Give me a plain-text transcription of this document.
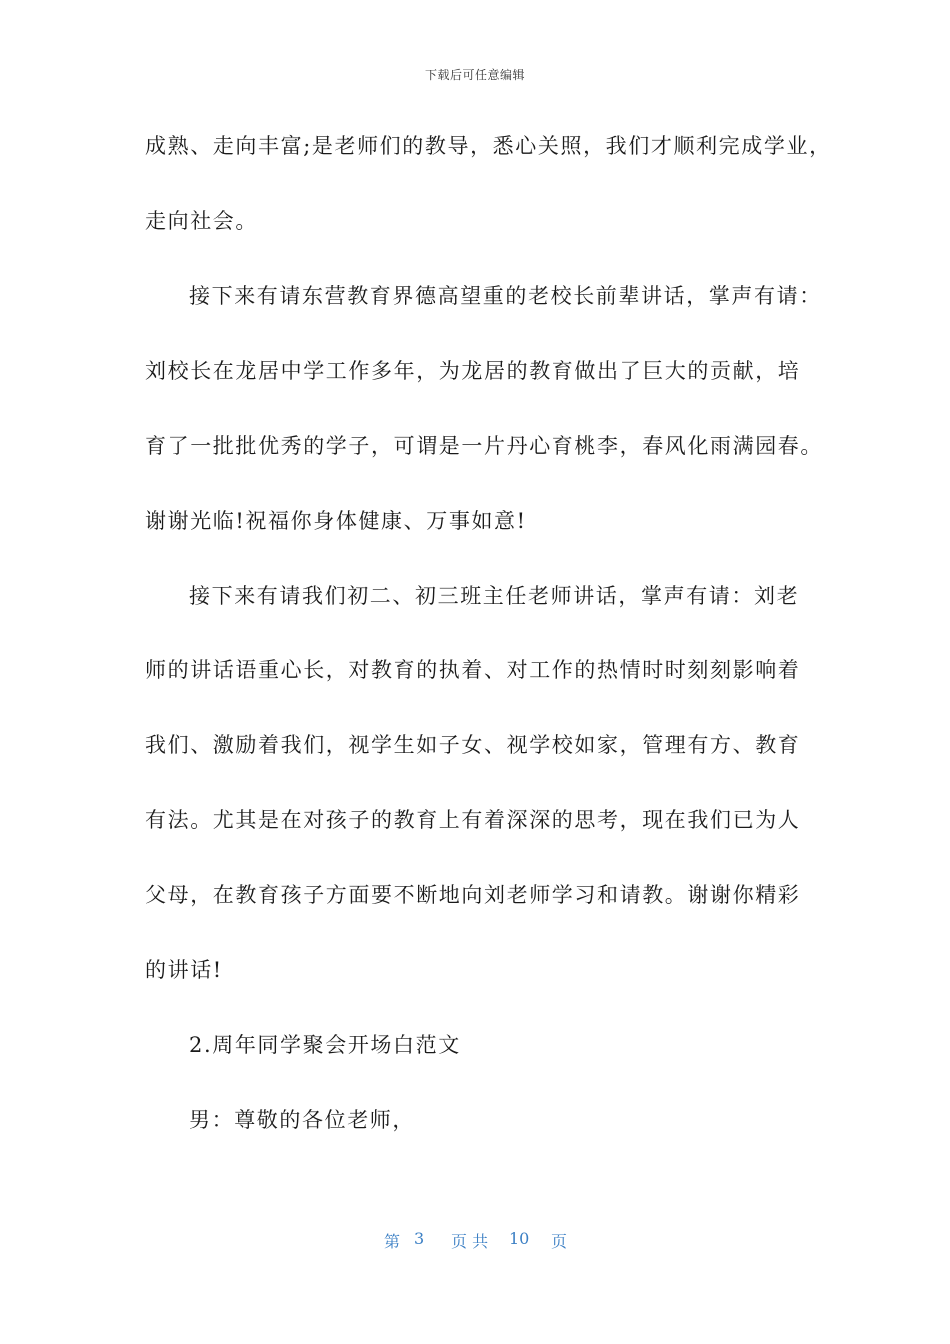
下载后可任意编辑
成熟、走向丰富;是老师们的教导，悉心关照，我们才顺利完成学业，
走向社会。
接下来有请东营教育界德高望重的老校长前辈讲话，掌声有请：
刘校长在龙居中学工作多年，为龙居的教育做出了巨大的贡献，培
育了一批批优秀的学子，可谓是一片丹心育桃李，春风化雨满园春。
谢谢光临!祝福你身体健康、万事如意!
接下来有请我们初二、初三班主任老师讲话，掌声有请：刘老
师的讲话语重心长，对教育的执着、对工作的热情时时刻刻影响着
我们、激励着我们，视学生如子女、视学校如家，管理有方、教育
有法。尤其是在对孩子的教育上有着深深的思考，现在我们已为人
父母，在教育孩子方面要不断地向刘老师学习和请教。谢谢你精彩
的讲话!
2.周年同学聚会开场白范文
男：尊敬的各位老师，
第 3 页 共 10 页
